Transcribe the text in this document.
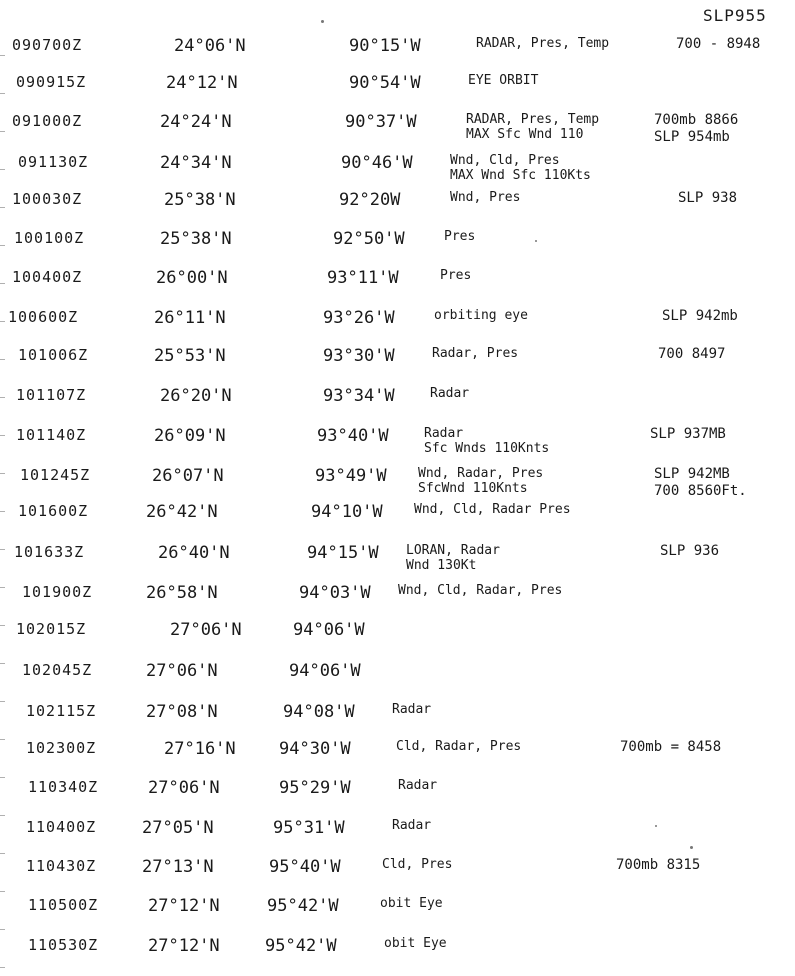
SLP955
090700Z	24°06'N	90°15'W	RADAR, Pres, Temp	700 - 8948
090915Z	24°12'N	90°54'W	EYE ORBIT
091000Z	24°24'N	90°37'W	RADAR, Pres, Temp
MAX Sfc Wnd 110
700mb 8866
SLP 954mb
091130Z	24°34'N	90°46'W	Wnd, Cld, Pres
MAX Wnd Sfc 110Kts
100030Z	25°38'N	92°20W	Wnd, Pres	SLP 938
100100Z	25°38'N	92°50'W	Pres
100400Z	26°00'N	93°11'W	Pres
100600Z	26°11'N	93°26'W	orbiting eye	SLP 942mb
101006Z	25°53'N	93°30'W	Radar, Pres	700 8497
101107Z	26°20'N	93°34'W	Radar
101140Z	26°09'N	93°40'W	Radar
Sfc Wnds 110Knts
SLP 937MB
101245Z	26°07'N	93°49'W Wnd, Radar, Pres
SfcWnd 110Knts
SLP 942MB
700 8560Ft.
101600Z	26°42'N	94°10'W Wnd, Cld, Radar Pres
101633Z	26°40'N	94°15'W LORAN, Radar
Wnd 130Kt
SLP 936
101900Z	26°58'N	94°03'W Wnd, Cld, Radar, Pres
102015Z	27°06'N	94°06'W
102045Z	27°06'N	94°06'W
102115Z	27°08'N	94°08'W	Radar
102300Z	27°16'N	94°30'W	Cld, Radar, Pres	700mb = 8458
110340Z	27°06'N	95°29'W	Radar
110400Z	27°05'N	95°31'W	Radar
110430Z	27°13'N	95°40'W	Cld, Pres	700mb 8315
110500Z	27°12'N	95°42'W	obit Eye
110530Z	27°12'N	95°42'W	obit Eye
